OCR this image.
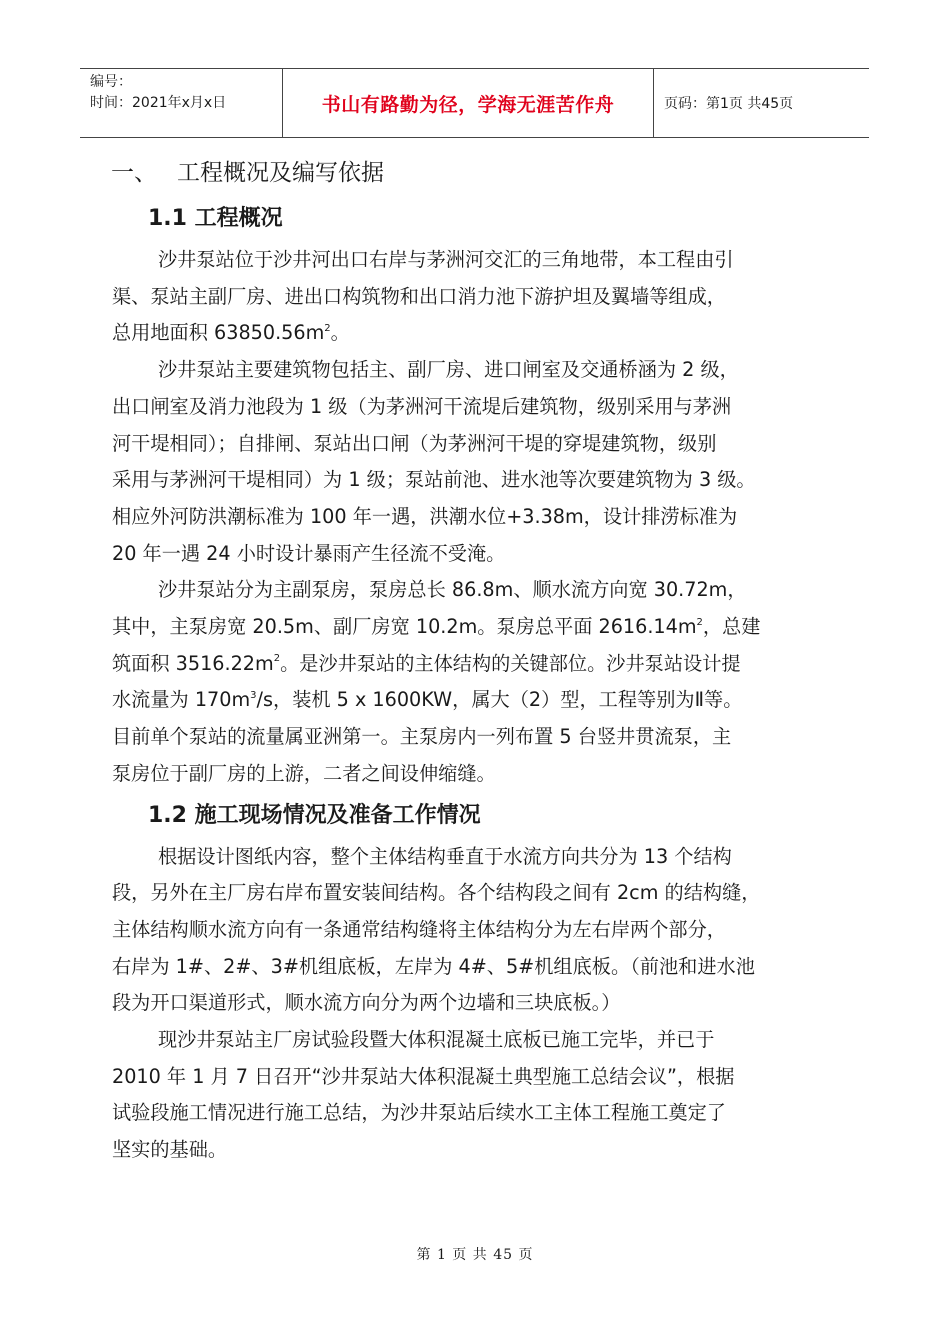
编号：
时间：2021年x月x日	书山有路勤为径，学海无涯苦作舟	页码：第1页 共45页
一、 工程概况及编写依据
1.1 工程概况

沙井泵站位于沙井河出口右岸与茅洲河交汇的三角地带，本工程由引
渠、泵站主副厂房、进出口构筑物和出口消力池下游护坦及翼墙等组成，
总用地面积 $63850.56m^2$。

沙井泵站主要建筑物包括主、副厂房、进口闸室及交通桥涵为 2 级，
出口闸室及消力池段为 1 级（为茅洲河干流堤后建筑物，级别采用与茅洲
河干堤相同）；自排闸、泵站出口闸（为茅洲河干堤的穿堤建筑物，级别
采用与茅洲河干堤相同）为 1 级；泵站前池、进水池等次要建筑物为 3 级。
相应外河防洪潮标准为 100 年一遇，洪潮水位+3.38m，设计排涝标准为
20 年一遇 24 小时设计暴雨产生径流不受淹。

沙井泵站分为主副泵房，泵房总长 86.8m、顺水流方向宽 30.72m，
其中，主泵房宽 20.5m、副厂房宽 10.2m。泵房总平面 $2616.14m^2$，总建
筑面积 $3516.22m^2$。是沙井泵站的主体结构的关键部位。沙井泵站设计提
水流量为 $170m^3/s$，装机 5 x 1600KW，属大（2）型，工程等别为Ⅱ等。
目前单个泵站的流量属亚洲第一。主泵房内一列布置 5 台竖井贯流泵，主
泵房位于副厂房的上游，二者之间设伸缩缝。

1.2 施工现场情况及准备工作情况

根据设计图纸内容，整个主体结构垂直于水流方向共分为 13 个结构
段，另外在主厂房右岸布置安装间结构。各个结构段之间有 2cm 的结构缝，
主体结构顺水流方向有一条通常结构缝将主体结构分为左右岸两个部分，
右岸为 1#、2#、3#机组底板，左岸为 4#、5#机组底板。（前池和进水池
段为开口渠道形式，顺水流方向分为两个边墙和三块底板。）

现沙井泵站主厂房试验段暨大体积混凝土底板已施工完毕，并已于
2010 年 1 月 7 日召开“沙井泵站大体积混凝土典型施工总结会议”，根据
试验段施工情况进行施工总结，为沙井泵站后续水工主体工程施工奠定了
坚实的基础。

第 1 页 共 45 页
